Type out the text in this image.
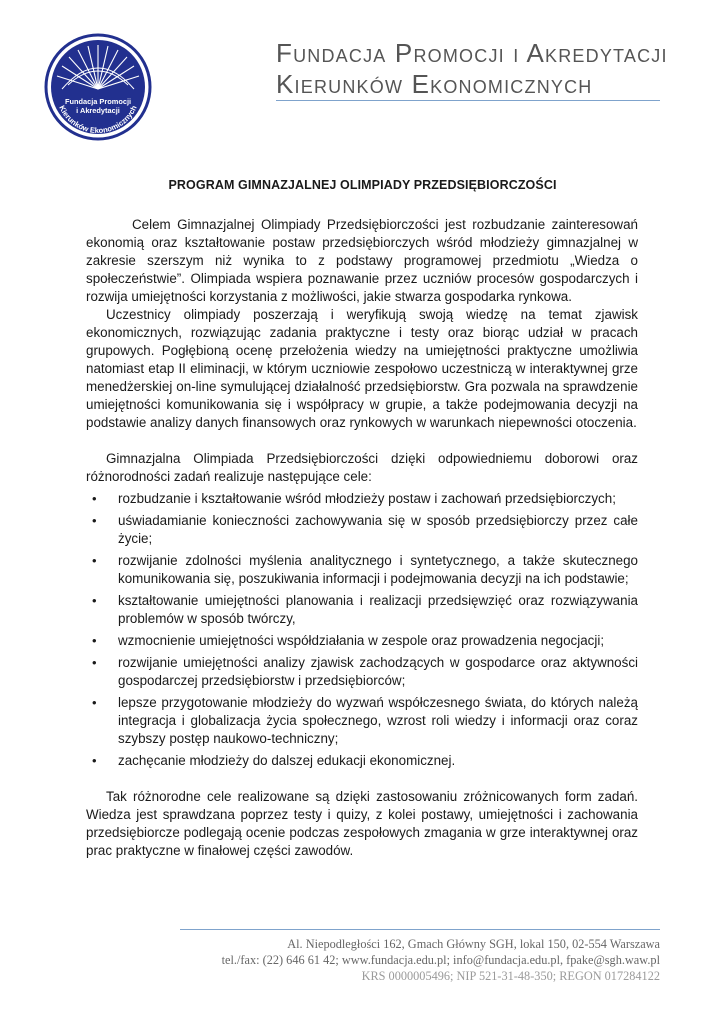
Fundacja Promocji
i Akredytacji
Kierunków Ekonomicznych
Fundacja Promocji i Akredytacji
Kierunków Ekonomicznych
PROGRAM GIMNAZJALNEJ OLIMPIADY PRZEDSIĘBIORCZOŚCI

Celem Gimnazjalnej Olimpiady Przedsiębiorczości jest rozbudzanie zainteresowań ekonomią oraz kształtowanie postaw przedsiębiorczych wśród młodzieży gimnazjalnej w zakresie szerszym niż wynika to z podstawy programowej przedmiotu „Wiedza o społeczeństwie”. Olimpiada wspiera poznawanie przez uczniów procesów gospodarczych i rozwija umiejętności korzystania z możliwości, jakie stwarza gospodarka rynkowa.

Uczestnicy olimpiady poszerzają i weryfikują swoją wiedzę na temat zjawisk ekonomicznych, rozwiązując zadania praktyczne i testy oraz biorąc udział w pracach grupowych. Pogłębioną ocenę przełożenia wiedzy na umiejętności praktyczne umożliwia natomiast etap II eliminacji, w którym uczniowie zespołowo uczestniczą w interaktywnej grze menedżerskiej on-line symulującej działalność przedsiębiorstw. Gra pozwala na sprawdzenie umiejętności komunikowania się i współpracy w grupie, a także podejmowania decyzji na podstawie analizy danych finansowych oraz rynkowych w warunkach niepewności otoczenia.

Gimnazjalna Olimpiada Przedsiębiorczości dzięki odpowiedniemu doborowi oraz różnorodności zadań realizuje następujące cele:

• rozbudzanie i kształtowanie wśród młodzieży postaw i zachowań przedsiębiorczych;
• uświadamianie konieczności zachowywania się w sposób przedsiębiorczy przez całe życie;
• rozwijanie zdolności myślenia analitycznego i syntetycznego, a także skutecznego komunikowania się, poszukiwania informacji i podejmowania decyzji na ich podstawie;
• kształtowanie umiejętności planowania i realizacji przedsięwzięć oraz rozwiązywania problemów w sposób twórczy,
• wzmocnienie umiejętności współdziałania w zespole oraz prowadzenia negocjacji;
• rozwijanie umiejętności analizy zjawisk zachodzących w gospodarce oraz aktywności gospodarczej przedsiębiorstw i przedsiębiorców;
• lepsze przygotowanie młodzieży do wyzwań współczesnego świata, do których należą integracja i globalizacja życia społecznego, wzrost roli wiedzy i informacji oraz coraz szybszy postęp naukowo-techniczny;
• zachęcanie młodzieży do dalszej edukacji ekonomicznej.

Tak różnorodne cele realizowane są dzięki zastosowaniu zróżnicowanych form zadań. Wiedza jest sprawdzana poprzez testy i quizy, z kolei postawy, umiejętności i zachowania przedsiębiorcze podlegają ocenie podczas zespołowych zmagania w grze interaktywnej oraz prac praktyczne w finałowej części zawodów.

Al. Niepodległości 162, Gmach Główny SGH, lokal 150, 02-554 Warszawa
tel./fax: (22) 646 61 42; www.fundacja.edu.pl; info@fundacja.edu.pl, fpake@sgh.waw.pl
KRS 0000005496; NIP 521-31-48-350; REGON 017284122
